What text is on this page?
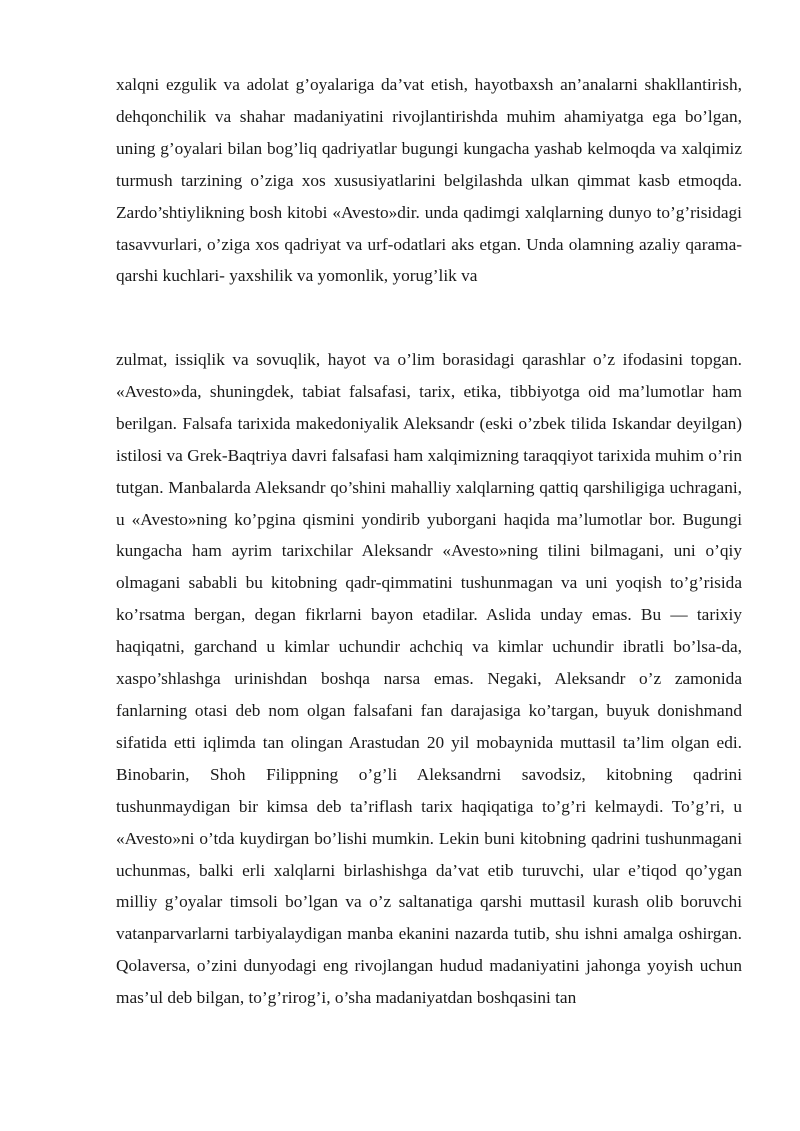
xalqni ezgulik va adolat g’oyalariga da’vat etish, hayotbaxsh an’analarni shakllantirish, dehqonchilik va shahar madaniyatini rivojlantirishda muhim ahamiyatga ega bo’lgan, uning g’oyalari bilan bog’liq qadriyatlar bugungi kungacha yashab kelmoqda va xalqimiz turmush tarzining o’ziga xos xususiyatlarini belgilashda ulkan qimmat kasb etmoqda. Zardo’shtiylikning bosh kitobi «Avesto»dir. unda qadimgi xalqlarning dunyo to’g’risidagi tasavvurlari, o’ziga xos qadriyat va urf-odatlari aks etgan. Unda olamning azaliy qarama-qarshi kuchlari- yaxshilik va yomonlik, yorug’lik va

zulmat, issiqlik va sovuqlik, hayot va o’lim borasidagi qarashlar o’z ifodasini topgan. «Avesto»da, shuningdek, tabiat falsafasi, tarix, etika, tibbiyotga oid ma’lumotlar ham berilgan. Falsafa tarixida makedoniyalik Aleksandr (eski o’zbek tilida Iskandar deyilgan) istilosi va Grek-Baqtriya davri falsafasi ham xalqimizning taraqqiyot tarixida muhim o’rin tutgan. Manbalarda Aleksandr qo’shini mahalliy xalqlarning qattiq qarshiligiga uchragani, u «Avesto»ning ko’pgina qismini yondirib yuborgani haqida ma’lumotlar bor. Bugungi kungacha ham ayrim tarixchilar Aleksandr «Avesto»ning tilini bilmagani, uni o’qiy olmagani sababli bu kitobning qadr-qimmatini tushunmagan va uni yoqish to’g’risida ko’rsatma bergan, degan fikrlarni bayon etadilar. Aslida unday emas. Bu — tarixiy haqiqatni, garchand u kimlar uchundir achchiq va kimlar uchundir ibratli bo’lsa-da, xaspo’shlashga urinishdan boshqa narsa emas. Negaki, Aleksandr o’z zamonida fanlarning otasi deb nom olgan falsafani fan darajasiga ko’targan, buyuk donishmand sifatida etti iqlimda tan olingan Arastudan 20 yil mobaynida muttasil ta’lim olgan edi. Binobarin, Shoh Filippning o’g’li Aleksandrni savodsiz, kitobning qadrini tushunmaydigan bir kimsa deb ta’riflash tarix haqiqatiga to’g’ri kelmaydi. To’g’ri, u «Avesto»ni o’tda kuydirgan bo’lishi mumkin. Lekin buni kitobning qadrini tushunmagani uchunmas, balki erli xalqlarni birlashishga da’vat etib turuvchi, ular e’tiqod qo’ygan milliy g’oyalar timsoli bo’lgan va o’z saltanatiga qarshi muttasil kurash olib boruvchi vatanparvarlarni tarbiyalaydigan manba ekanini nazarda tutib, shu ishni amalga oshirgan. Qolaversa, o’zini dunyodagi eng rivojlangan hudud madaniyatini jahonga yoyish uchun mas’ul deb bilgan, to’g’rirog’i, o’sha madaniyatdan boshqasini tan
